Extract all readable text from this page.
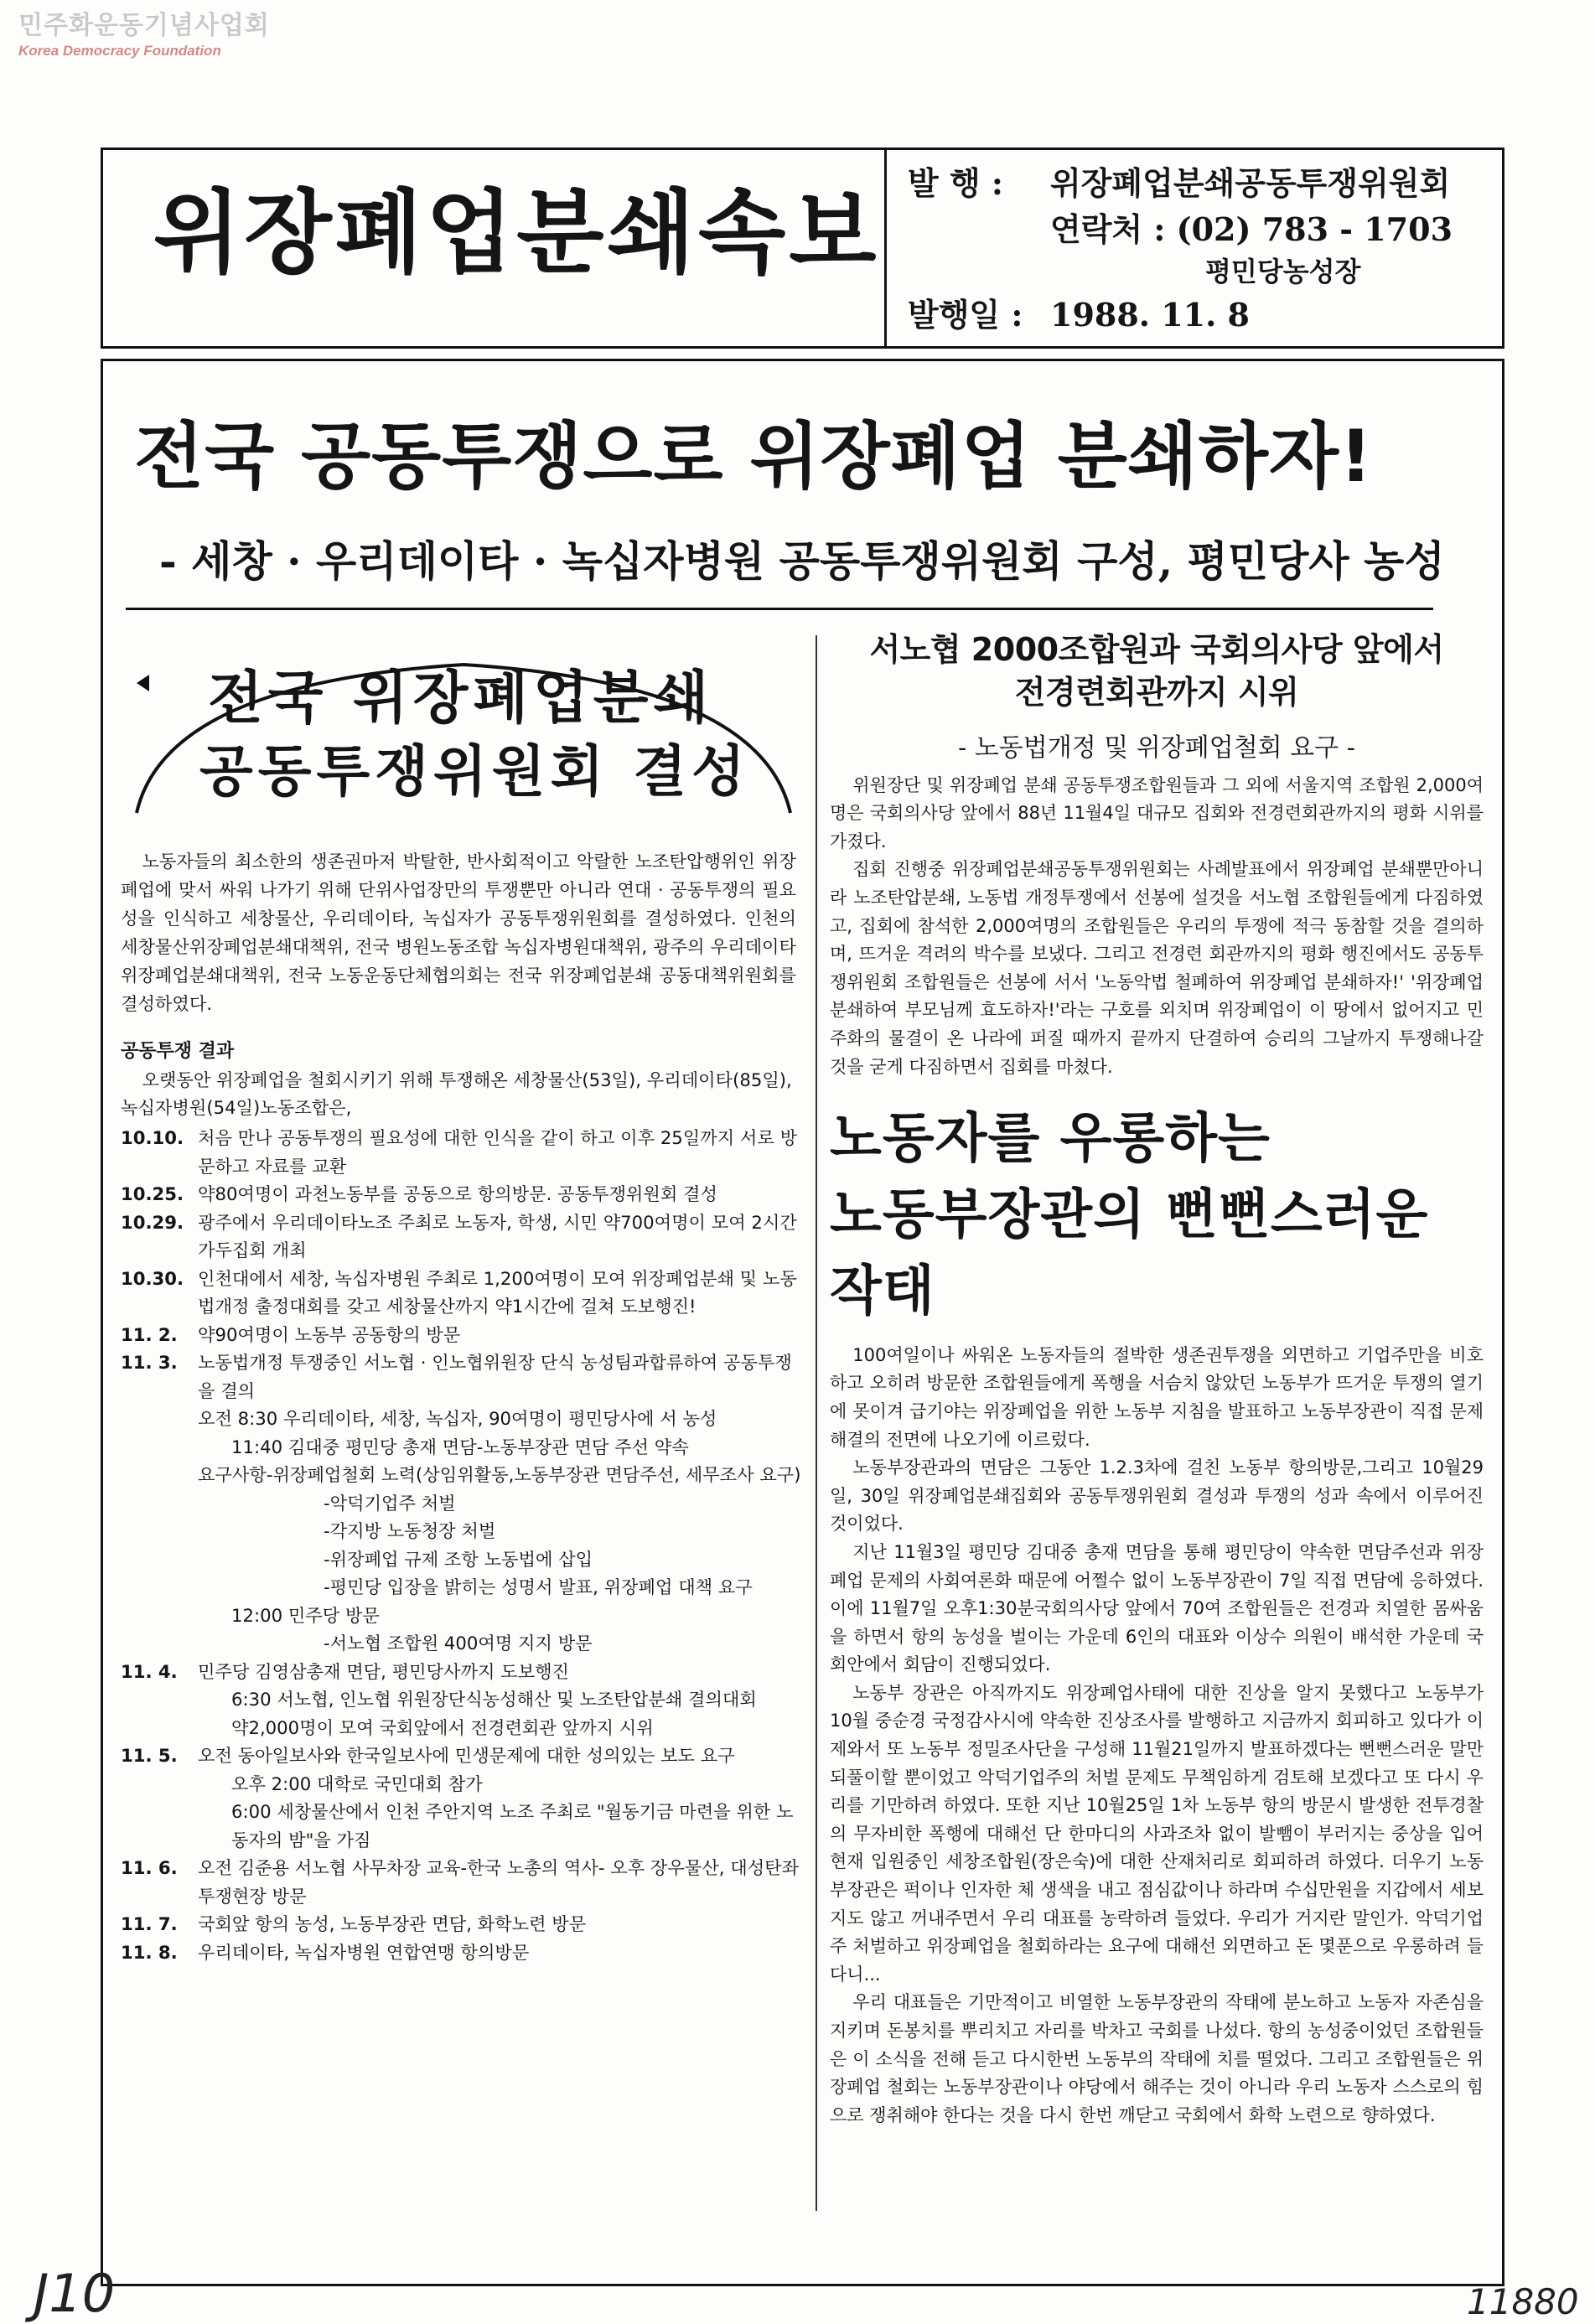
민주화운동기념사업회
Korea Democracy Foundation
위장폐업분쇄속보 발 행 : 위장폐업분쇄공동투쟁위원회
연락처 : (02) 783 - 1703
평민당농성장
발행일 : 1988. 11. 8
전국 공동투쟁으로 위장폐업 분쇄하자!
- 세창 · 우리데이타 · 녹십자병원 공동투쟁위원회 구성, 평민당사 농성
전국 위장폐업분쇄
공동투쟁위원회 결성
노동자들의 최소한의 생존권마저 박탈한, 반사회적이고 악랄한 노조탄압행위인 위장폐업에 맞서 싸워 나가기 위해 단위사업장만의 투쟁뿐만 아니라 연대 · 공동투쟁의 필요성을 인식하고 세창물산, 우리데이타, 녹십자가 공동투쟁위원회를 결성하였다. 인천의 세창물산위장폐업분쇄대책위, 전국 병원노동조합 녹십자병원대책위, 광주의 우리데이타 위장폐업분쇄대책위, 전국 노동운동단체협의회는 전국 위장폐업분쇄 공동대책위원회를 결성하였다.
공동투쟁 결과
오랫동안 위장폐업을 철회시키기 위해 투쟁해온 세창물산(53일), 우리데이타(85일), 녹십자병원(54일)노동조합은,
10.10. 처음 만나 공동투쟁의 필요성에 대한 인식을 같이 하고 이후 25일까지 서로 방문하고 자료를 교환
10.25. 약80여명이 과천노동부를 공동으로 항의방문. 공동투쟁위원회 결성
10.29. 광주에서 우리데이타노조 주최로 노동자, 학생, 시민 약700여명이 모여 2시간 가두집회 개최
10.30. 인천대에서 세창, 녹십자병원 주최로 1,200여명이 모여 위장폐업분쇄 및 노동법개정 출정대회를 갖고 세창물산까지 약1시간에 걸쳐 도보행진!
11. 2.	약90여명이 노동부 공동항의 방문
11. 3.	노동법개정 투쟁중인 서노협 · 인노협위원장 단식 농성팀과합류하여 공동투쟁을 결의
오전 8:30 우리데이타, 세창, 녹십자, 90여명이 평민당사에 서 농성
11:40 김대중 평민당 총재 면담-노동부장관 면담 주선 약속
요구사항-위장폐업철회 노력(상임위활동,노동부장관 면담주선, 세무조사 요구)
-악덕기업주 처벌
-각지방 노동청장 처벌
-위장폐업 규제 조항 노동법에 삽입
-평민당 입장을 밝히는 성명서 발표, 위장폐업 대책 요구
12:00 민주당 방문
-서노협 조합원 400여명 지지 방문
11. 4.	민주당 김영삼총재 면담, 평민당사까지 도보행진
6:30 서노협, 인노협 위원장단식농성해산 및 노조탄압분쇄 결의대회
약2,000명이 모여 국회앞에서 전경련회관 앞까지 시위
11. 5.	오전 동아일보사와 한국일보사에 민생문제에 대한 성의있는 보도 요구
오후 2:00 대학로 국민대회 참가
6:00 세창물산에서 인천 주안지역 노조 주최로 "월동기금 마련을 위한 노동자의 밤"을 가짐
11. 6.	오전 김준용 서노협 사무차장 교육-한국 노총의 역사- 오후 장우물산, 대성탄좌 투쟁현장 방문
11. 7.	국회앞 항의 농성, 노동부장관 면담, 화학노련 방문
11. 8.	우리데이타, 녹십자병원 연합연맹 항의방문
서노협 2000조합원과 국회의사당 앞에서
전경련회관까지 시위
- 노동법개정 및 위장폐업철회 요구 -

위원장단 및 위장폐업 분쇄 공동투쟁조합원들과 그 외에 서울지역 조합원 2,000여 명은 국회의사당 앞에서 88년 11월4일 대규모 집회와 전경련회관까지의 평화 시위를 가졌다.

집회 진행중 위장폐업분쇄공동투쟁위원회는 사례발표에서 위장폐업 분쇄뿐만아니라 노조탄압분쇄, 노동법 개정투쟁에서 선봉에 설것을 서노협 조합원들에게 다짐하였고, 집회에 참석한 2,000여명의 조합원들은 우리의 투쟁에 적극 동참할 것을 결의하며, 뜨거운 격려의 박수를 보냈다. 그리고 전경련 회관까지의 평화 행진에서도 공동투쟁위원회 조합원들은 선봉에 서서 '노동악법 철폐하여 위장폐업 분쇄하자!' '위장폐업 분쇄하여 부모님께 효도하자!'라는 구호를 외치며 위장폐업이 이 땅에서 없어지고 민주화의 물결이 온 나라에 퍼질 때까지 끝까지 단결하여 승리의 그날까지 투쟁해나갈 것을 굳게 다짐하면서 집회를 마쳤다.

노동자를 우롱하는
노동부장관의 뻔뻔스러운 작태

100여일이나 싸워온 노동자들의 절박한 생존권투쟁을 외면하고 기업주만을 비호하고 오히려 방문한 조합원들에게 폭행을 서슴치 않았던 노동부가 뜨거운 투쟁의 열기에 못이겨 급기야는 위장폐업을 위한 노동부 지침을 발표하고 노동부장관이 직접 문제 해결의 전면에 나오기에 이르렀다.

노동부장관과의 면담은 그동안 1.2.3차에 걸친 노동부 항의방문,그리고 10월29일, 30일 위장폐업분쇄집회와 공동투쟁위원회 결성과 투쟁의 성과 속에서 이루어진 것이었다.

지난 11월3일 평민당 김대중 총재 면담을 통해 평민당이 약속한 면담주선과 위장폐업 문제의 사회여론화 때문에 어쩔수 없이 노동부장관이 7일 직접 면담에 응하였다. 이에 11월7일 오후1:30분국회의사당 앞에서 70여 조합원들은 전경과 치열한 몸싸움을 하면서 항의 농성을 벌이는 가운데 6인의 대표와 이상수 의원이 배석한 가운데 국회안에서 회담이 진행되었다.

노동부 장관은 아직까지도 위장폐업사태에 대한 진상을 알지 못했다고 노동부가 10월 중순경 국정감사시에 약속한 진상조사를 발행하고 지금까지 회피하고 있다가 이제와서 또 노동부 정밀조사단을 구성해 11월21일까지 발표하겠다는 뻔뻔스러운 말만 되풀이할 뿐이었고 악덕기업주의 처벌 문제도 무책임하게 검토해 보겠다고 또 다시 우리를 기만하려 하였다. 또한 지난 10월25일 1차 노동부 항의 방문시 발생한 전투경찰의 무자비한 폭행에 대해선 단 한마디의 사과조차 없이 발뺌이 부러지는 중상을 입어 현재 입원중인 세창조합원(장은숙)에 대한 산재처리로 회피하려 하였다. 더우기 노동부장관은 퍽이나 인자한 체 생색을 내고 점심값이나 하라며 수십만원을 지갑에서 세보지도 않고 꺼내주면서 우리 대표를 농락하려 들었다. 우리가 거지란 말인가. 악덕기업주 처벌하고 위장폐업을 철회하라는 요구에 대해선 외면하고 돈 몇푼으로 우롱하려 들다니...

우리 대표들은 기만적이고 비열한 노동부장관의 작태에 분노하고 노동자 자존심을 지키며 돈봉치를 뿌리치고 자리를 박차고 국회를 나섰다. 항의 농성중이었던 조합원들은 이 소식을 전해 듣고 다시한번 노동부의 작태에 치를 떨었다. 그리고 조합원들은 위장폐업 철회는 노동부장관이나 야당에서 해주는 것이 아니라 우리 노동자 스스로의 힘으로 쟁취해야 한다는 것을 다시 한번 깨닫고 국회에서 화학 노련으로 향하였다.

J10	11880
